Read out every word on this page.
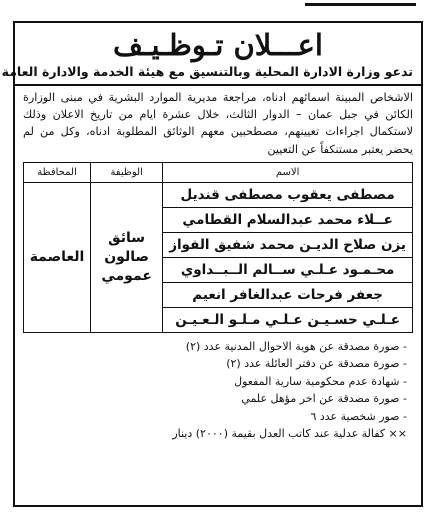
اعـــلان تـوظـيـف
تدعو وزارة الادارة المحلية وبالتنسيق مع هيئة الخدمة والادارة العامة

الاشخاص المبينة اسمائهم ادناه، مراجعة مديرية الموارد البشرية في مبنى الوزارة الكائن في جبل عمان – الدوار الثالث، خلال عشرة ايام من تاريخ الاعلان وذلك لاستكمال اجراءات تعيينهم، مصطحبين معهم الوثائق المطلوبة ادناه، وكل من لم يحضر يعتبر مستنكفاً عن التعيين

الاسم	الوظيفة	المحافظة
مصطفى يعقوب مصطفى قنديل	سائق صالون عمومي	العاصمة
عــلاء محمد عبدالسلام القطامي		
يزن صلاح الديـن محمد شفيق الفواز		
محـمـود عـلـي ســالم الــبــداوي		
جعفر فرحات عبدالغافر انعيم		
عـلـي حسـيـن عـلـي مـلـو الـعـيـن		
- صورة مصدقة عن هوية الاحوال المدنية عدد (٢)
- صورة مصدقة عن دفتر العائلة عدد (٢)
- شهادة عدم محكومية سارية المفعول
- صورة مصدقة عن اخر مؤهل علمي
- صور شخصية عدد ٦
×× كفالة عدلية عند كاتب العدل بقيمة (٢٠٠٠) دينار
